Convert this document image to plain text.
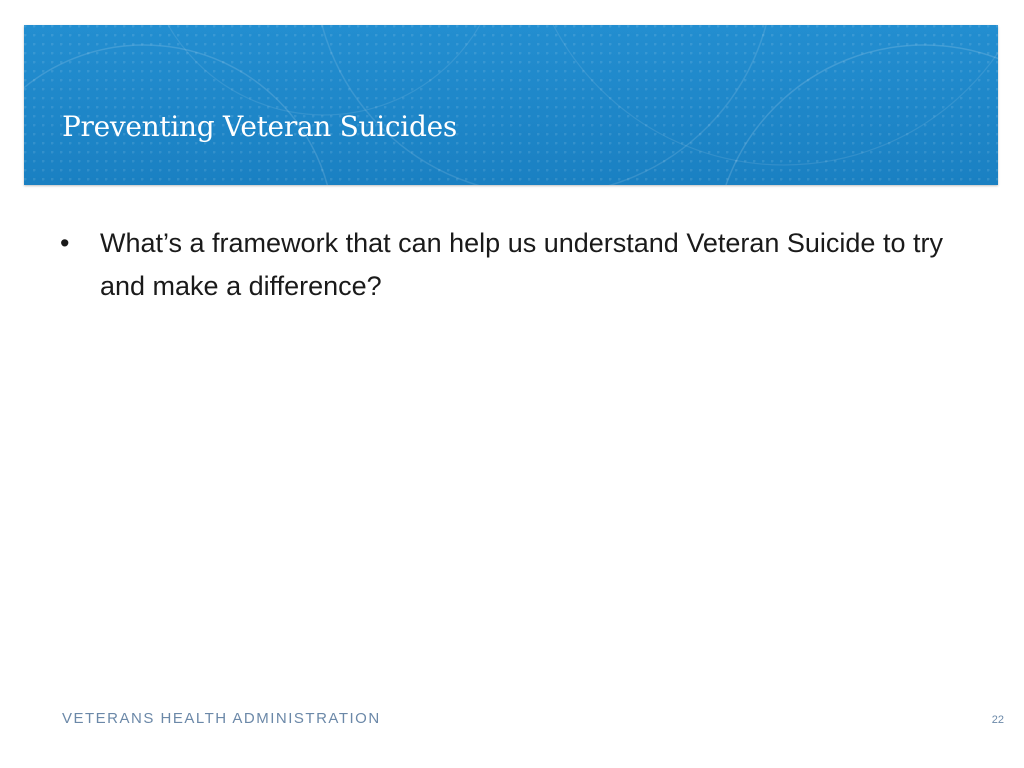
Preventing Veteran Suicides
• What’s a framework that can help us understand Veteran Suicide to try and make a difference?
VETERANS HEALTH ADMINISTRATION	22
